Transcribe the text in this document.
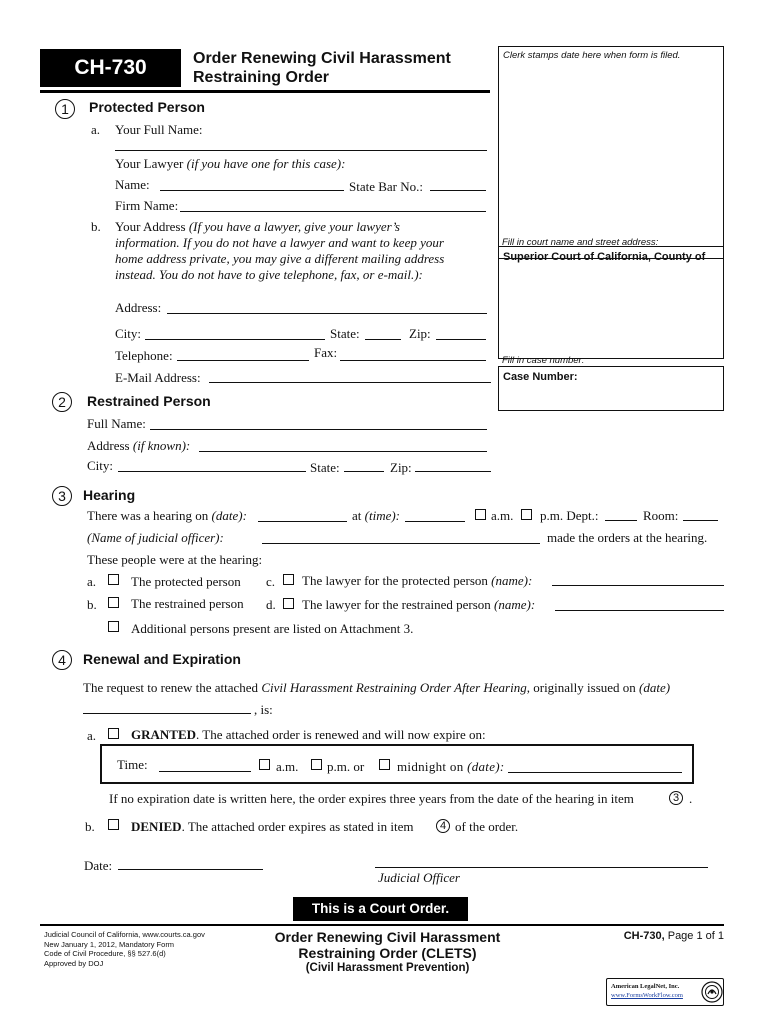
CH-730	Order Renewing Civil Harassment
Restraining Order
Clerk stamps date here when form is filed.
Fill in court name and street address:
Superior Court of California, County of
Fill in case number:
Case Number:
1	Protected Person
a. Your Full Name:
Your Lawyer (if you have one for this case):
Name:	State Bar No.:
Firm Name:
b. Your Address (If you have a lawyer, give your lawyer’s
information. If you do not have a lawyer and want to keep your
home address private, you may give a different mailing address
instead. You do not have to give telephone, fax, or e-mail.):
Address:
City:	State:	Zip:
Telephone:	Fax:
E-Mail Address:
2	Restrained Person
Full Name:
Address (if known):
City:	State:	Zip:
3	Hearing
There was a hearing on (date):	at (time):	a.m. p.m. Dept.:	Room:
(Name of judicial officer):	made the orders at the hearing.
These people were at the hearing:
a.	The protected person c. The lawyer for the protected person (name):
b.	The restrained person d. The lawyer for the restrained person (name):
Additional persons present are listed on Attachment 3.
4	Renewal and Expiration
The request to renew the attached Civil Harassment Restraining Order After Hearing, originally issued on (date)
, is:
a.	GRANTED. The attached order is renewed and will now expire on:
Time:	a.m. p.m. or	midnight on (date):
If no expiration date is written here, the order expires three years from the date of the hearing in item	3 .
b.	DENIED. The attached order expires as stated in item	4 of the order.
Date:
Judicial Officer
This is a Court Order.
Judicial Council of California, www.courts.ca.gov
New January 1, 2012, Mandatory Form
Code of Civil Procedure, §§ 527.6(d)
Approved by DOJ
Order Renewing Civil Harassment
Restraining Order (CLETS)
(Civil Harassment Prevention)
CH-730, Page 1 of 1
American LegalNet, Inc.
www.FormsWorkFlow.com
